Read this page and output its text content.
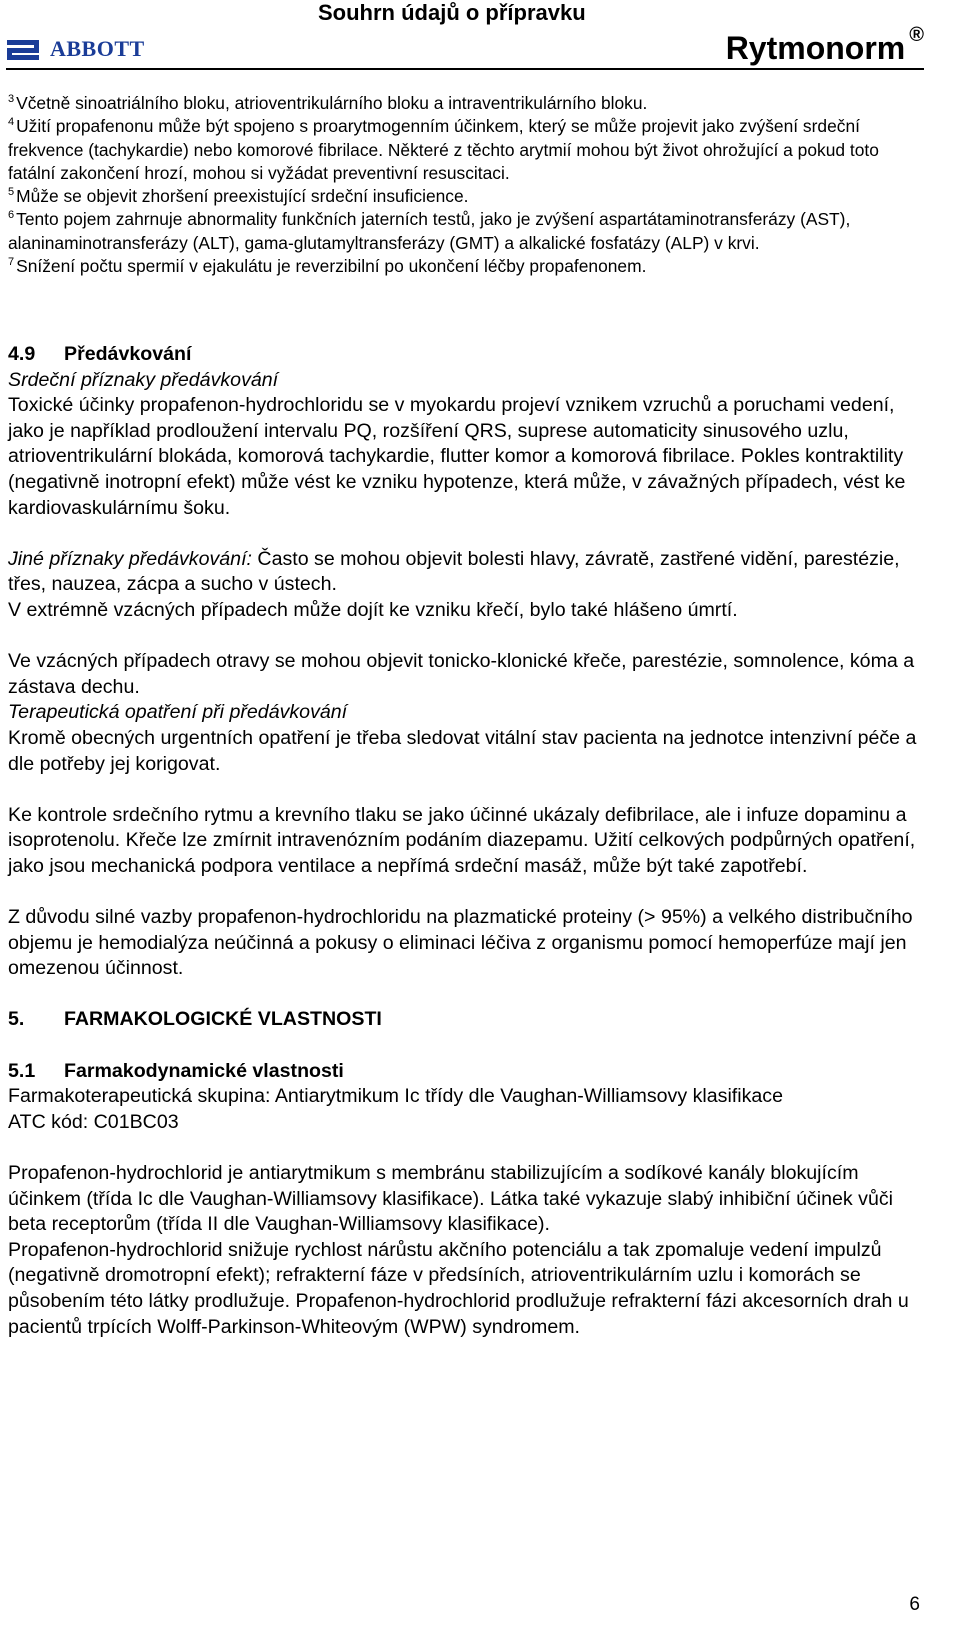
Souhrn údajů o přípravku
ABBOTT	Rytmonorm ®
$^3$ Včetně sinoatriálního bloku, atrioventrikulárního bloku a intraventrikulárního bloku.
$^4$ Užití propafenonu může být spojeno s proarytmogenním účinkem, který se může projevit jako zvýšení srdeční frekvence (tachykardie) nebo komorové fibrilace. Některé z těchto arytmií mohou být život ohrožující a pokud toto fatální zakončení hrozí, mohou si vyžádat preventivní resuscitaci.
$^5$ Může se objevit zhoršení preexistující srdeční insuficience.
$^6$ Tento pojem zahrnuje abnormality funkčních jaterních testů, jako je zvýšení aspartátaminotransferázy (AST), alaninaminotransferázy (ALT), gama-glutamyltransferázy (GMT) a alkalické fosfatázy (ALP) v krvi.
$^7$ Snížení počtu spermií v ejakulátu je reverzibilní po ukončení léčby propafenonem.

4.9 Předávkování

Srdeční příznaky předávkování

Toxické účinky propafenon-hydrochloridu se v myokardu projeví vznikem vzruchů a poruchami vedení, jako je například prodloužení intervalu PQ, rozšíření QRS, suprese automaticity sinusového uzlu, atrioventrikulární blokáda, komorová tachykardie, flutter komor a komorová fibrilace. Pokles kontraktility (negativně inotropní efekt) může vést ke vzniku hypotenze, která může, v závažných případech, vést ke kardiovaskulárnímu šoku.

Jiné příznaky předávkování: Často se mohou objevit bolesti hlavy, závratě, zastřené vidění, parestézie, třes, nauzea, zácpa a sucho v ústech.

V extrémně vzácných případech může dojít ke vzniku křečí, bylo také hlášeno úmrtí.

Ve vzácných případech otravy se mohou objevit tonicko-klonické křeče, parestézie, somnolence, kóma a zástava dechu.

Terapeutická opatření při předávkování

Kromě obecných urgentních opatření je třeba sledovat vitální stav pacienta na jednotce intenzivní péče a dle potřeby jej korigovat.

Ke kontrole srdečního rytmu a krevního tlaku se jako účinné ukázaly defibrilace, ale i infuze dopaminu a isoprotenolu. Křeče lze zmírnit intravenózním podáním diazepamu. Užití celkových podpůrných opatření, jako jsou mechanická podpora ventilace a nepřímá srdeční masáž, může být také zapotřebí.

Z důvodu silné vazby propafenon-hydrochloridu na plazmatické proteiny (> 95%) a velkého distribučního objemu je hemodialýza neúčinná a pokusy o eliminaci léčiva z organismu pomocí hemoperfúze mají jen omezenou účinnost.

5. FARMAKOLOGICKÉ VLASTNOSTI

5.1 Farmakodynamické vlastnosti

Farmakoterapeutická skupina: Antiarytmikum Ic třídy dle Vaughan-Williamsovy klasifikace

ATC kód: C01BC03

Propafenon-hydrochlorid je antiarytmikum s membránu stabilizujícím a sodíkové kanály blokujícím účinkem (třída Ic dle Vaughan-Williamsovy klasifikace). Látka také vykazuje slabý inhibiční účinek vůči beta receptorům (třída II dle Vaughan-Williamsovy klasifikace).

Propafenon-hydrochlorid snižuje rychlost nárůstu akčního potenciálu a tak zpomaluje vedení impulzů (negativně dromotropní efekt); refrakterní fáze v předsíních, atrioventrikulárním uzlu i komorách se působením této látky prodlužuje. Propafenon-hydrochlorid prodlužuje refrakterní fázi akcesorních drah u pacientů trpících Wolff-Parkinson-Whiteovým (WPW) syndromem.

6
